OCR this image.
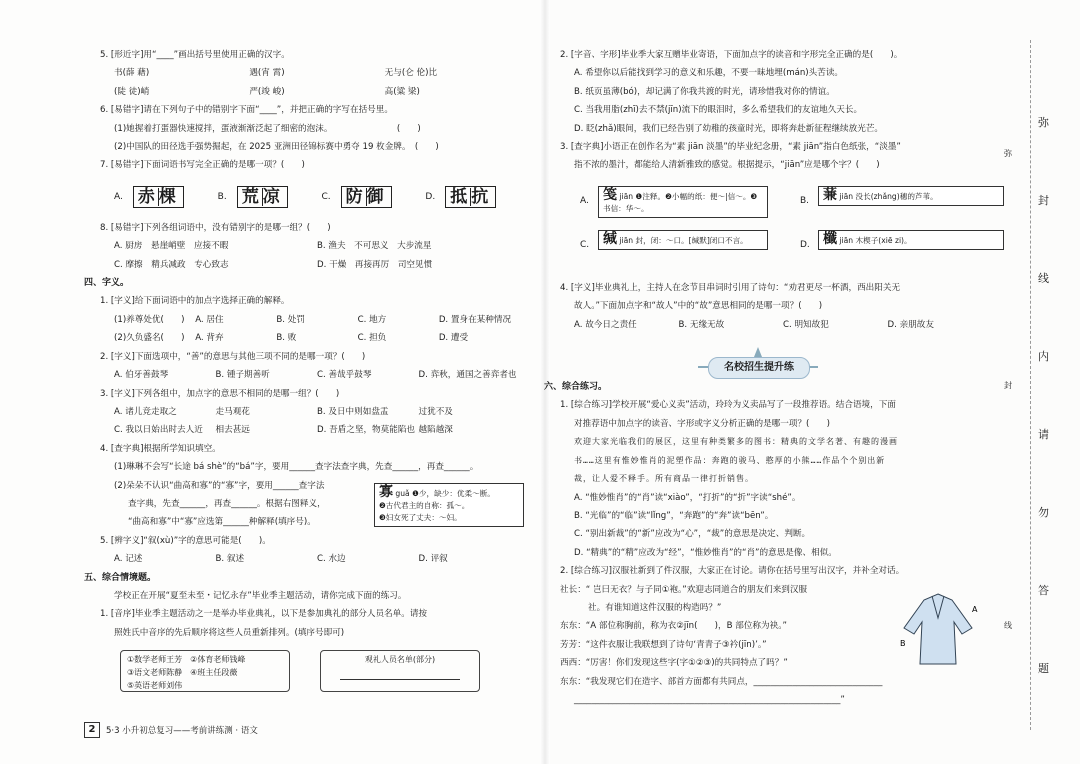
5. [形近字]用“____”画出括号里使用正确的汉字。

书(薛 藉)	遇(宵 霄)	无与(仑 伦)比

(陡 徒)峭	严(竣 峻)	高(粱 梁)

6. [易错字]请在下列句子中的错别字下面“____”，并把正确的字写在括号里。

(1)她握着打蛋器快速搅拌，蛋液渐渐泛起了细密的泡沫。　　　　　　　　(　　)

(2)中国队的田径选手强势掘起，在 2025 亚洲田径锦标赛中勇夺 19 枚金牌。　(　　)

7. [易错字]下面词语书写完全正确的是哪一项？(　　)

A. 赤
棵	B. 荒
凉	C. 防
御	D. 抵
抗

8. [易错字]下列各组词语中，没有错别字的是哪一组？(　　)

A. 厨房　悬崖峭壁　应接不暇	B. 渔夫　不可思义　大步流星

C. 摩擦　精兵减政　专心致志	D. 干燥　再接再厉　司空见惯

四、字义。

1. [字义]给下面词语中的加点字选择正确的解释。

(1)养尊处优(　　)	A. 居住	B. 处罚	C. 地方	D. 置身在某种情况

(2)久负盛名(　　)	A. 背弃	B. 败	C. 担负	D. 遭受

2. [字义]下面选项中，“善”的意思与其他三项不同的是哪一项？(　　)

A. 伯牙善鼓琴	B. 锺子期善听	C. 善哉乎鼓琴	D. 弈秋，通国之善弈者也

3. [字义]下列各组中，加点字的意思不相同的是哪一组？(　　)

A. 诸儿竞走取之	走马观花	B. 及日中则如盘盂	过犹不及

C. 我以日始出时去人近	相去甚远	D. 吾盾之坚，物莫能陷也 越陷越深

4. [查字典]根据所学知识填空。

(1)琳琳不会写“长途 bá shè”的“bá”字，要用______查字法查字典，先查______，再查______。

(2)朵朵不认识“曲高和寡”的“寡”字，要用______查字法

查字典，先查______，再查______。根据右图释义，

“曲高和寡”中“寡”应选第______种解释(填序号)。

5. [辨字义]“叙(xù)”字的意思可能是(　　)。

A. 记述	B. 叙述	C. 水边	D. 评叙

五、综合情境题。

学校正在开展“夏至未至・记忆永存”毕业季主题活动，请你完成下面的练习。

1. [音序]毕业季主题活动之一是举办毕业典礼，以下是参加典礼的部分人员名单。请按

照姓氏中音序的先后顺序将这些人员重新排列。(填序号即可)

寡 guǎ ❶少，缺少：优柔～断。
❷古代君主的自称：孤～。
❸妇女死了丈夫：～妇。
①数学老师王芳　②体育老师钱峰
③语文老师陈静　④班主任段薇
⑤英语老师刘伟
观礼人员名单(部分)
2	5·3 小升初总复习——考前讲练测 · 语文

2. [字音、字形]毕业季大家互赠毕业寄语，下面加点字的读音和字形完全正确的是(　　)。

A. 希望你以后能找到学习的意义和乐趣，不要一昧地埋(mán)头苦读。

B. 纸页虽薄(bó)，却记满了你我共渡的时光，请珍惜我对你的情谊。

C. 当我用脂(zhī)去不禁(jīn)流下的眼泪时，多么希望我们的友谊地久天长。

D. 眨(zhǎ)眼间，我们已经告别了幼稚的孩童时光，即将奔赴新征程继续放光芒。

3. [查字典]小语正在创作名为“素 jiān 淡墨”的毕业纪念册，“素 jiān”指白色纸张，“淡墨”

指不浓的墨汁，都能给人清新雅致的感觉。根据提示，“jiān”应是哪个字？(　　)

4. [字义]毕业典礼上，主持人在念节目串词时引用了诗句：“劝君更尽一杯酒，西出阳关无

故人。”下面加点字和“故人”中的“故”意思相同的是哪一项？(　　)

A. 故今日之责任	B. 无缘无故	C. 明知故犯	D. 亲朋故友

六、综合练习。

1. [综合练习]学校开展“爱心义卖”活动，玲玲为义卖品写了一段推荐语。结合语境，下面

对推荐语中加点字的读音、字形或字义分析正确的是哪一项？(　　)

欢迎大家光临我们的展区，这里有种类繁多的图书：精典的文学名著、有趣的漫画

书……这里有惟妙惟肖的泥塑作品：奔跑的骏马、憨厚的小熊……作品个个别出新

裁，让人爱不释手。所有商品一律打折销售。

A. “惟妙惟肖”的“肖”读“xiào”，“打折”的“折”字读“shé”。

B. “光临”的“临”读“lǐng”，“奔跑”的“奔”读“bēn”。

C. “别出新裁”的“新”应改为“心”，“裁”的意思是决定、判断。

D. “精典”的“精”应改为“经”，“惟妙惟肖”的“肖”的意思是像、相似。

2. [综合练习]汉服社新到了件汉服，大家正在讨论。请你在括号里写出汉字，并补全对话。

社长：“ 岂曰无衣？与子同①袍。”欢迎志同道合的朋友们来到汉服

社。有谁知道这件汉服的构造吗？”

东东：“A 部位称胸前，称为衣②jīn(　　)，B 部位称为袂。”

芳芳：“这件衣服让我联想到了诗句‘青青子③衿(jīn)’。”

西西：“厉害！你们发现这些字(字①②③)的共同特点了吗？”

东东：“我发现它们在造字、部首方面都有共同点，______________________________

______________________________________________________________”

A.	笺 jiān ❶注释。❷小幅的纸：便～|信～。❸书信：华～。
B. 蒹 jiān 没长(zhǎng)穗的芦苇。
C. 缄 jiān 封，闭：～口。[缄默]闭口不言。	D. 櫼 jiān 木楔子(xiē zi)。
名校招生提升练
A
B
弥
封
线
内
请
勿
答
题
弥
封
线
